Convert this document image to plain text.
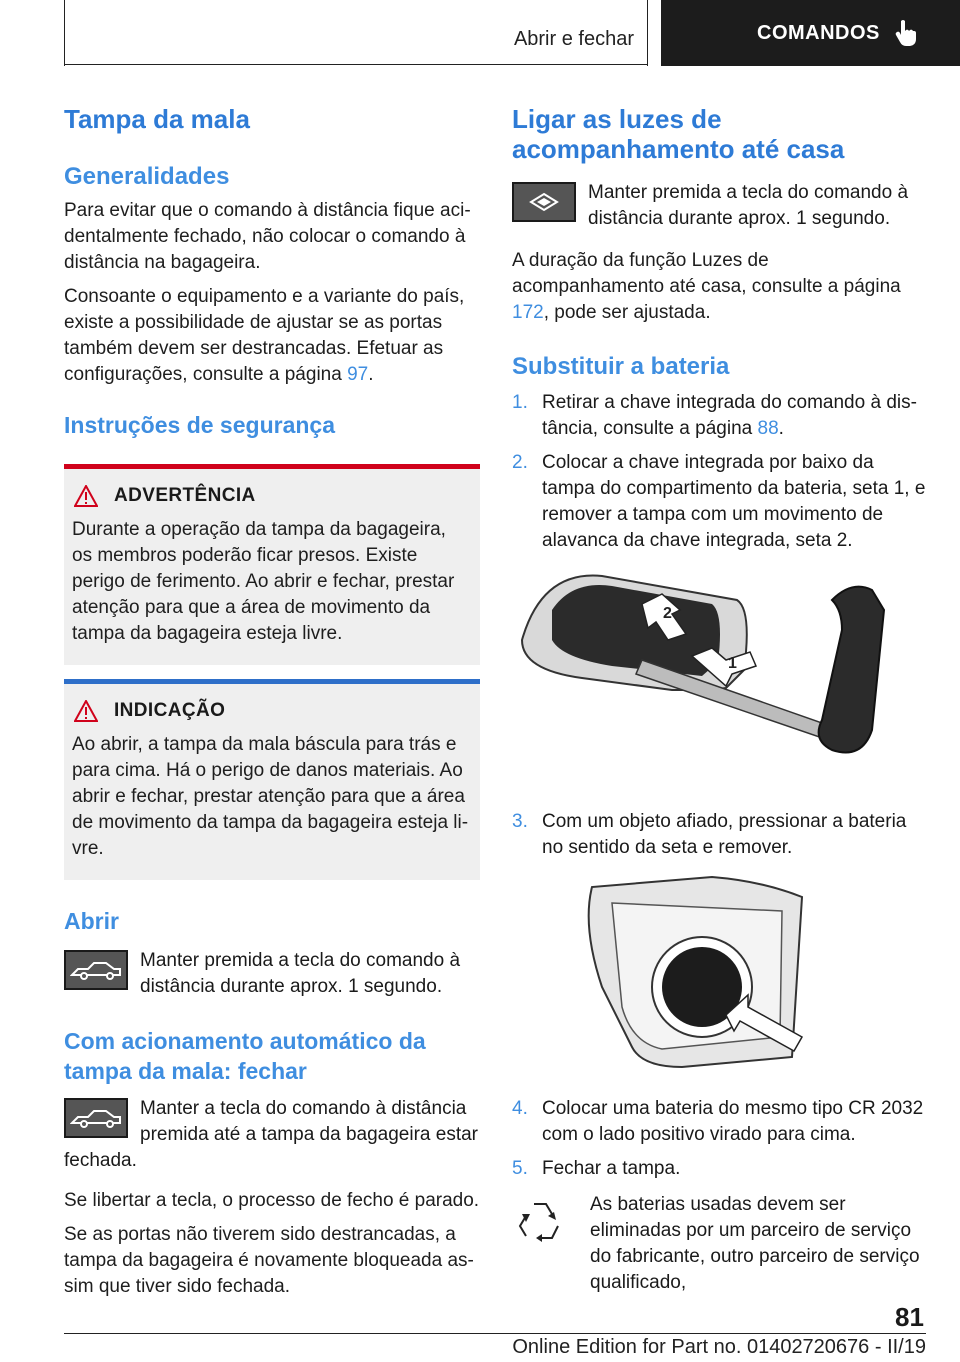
Abrir e fechar	COMANDOS
Tampa da mala
Generalidades

Para evitar que o comando à distância fique acidentalmente fechado, não colocar o comando à distância na bagageira.

Consoante o equipamento e a variante do país, existe a possibilidade de ajustar se as portas também devem ser destrancadas. Efetuar as configurações, consulte a página 97.

Instruções de segurança
ADVERTÊNCIA

Durante a operação da tampa da bagageira, os membros poderão ficar presos. Existe perigo de ferimento. Ao abrir e fechar, prestar atenção para que a área de movimento da tampa da bagageira esteja livre.

INDICAÇÃO

Ao abrir, a tampa da mala báscula para trás e para cima. Há o perigo de danos materiais. Ao abrir e fechar, prestar atenção para que a área de movimento da tampa da bagageira esteja livre.

Abrir
Manter premida a tecla do comando à distância durante aprox. 1 segundo.
Com acionamento automático da tampa da mala: fechar
Manter a tecla do comando à distância premida até a tampa da bagageira estar fechada.

Se libertar a tecla, o processo de fecho é parado.

Se as portas não tiverem sido destrancadas, a tampa da bagageira é novamente bloqueada assim que tiver sido fechada.

Ligar as luzes de acompanhamento até casa
Manter premida a tecla do comando à distância durante aprox. 1 segundo.

A duração da função Luzes de acompanhamento até casa, consulte a página 172, pode ser ajustada.

Substituir a bateria
1. Retirar a chave integrada do comando à distância, consulte a página 88.
2. Colocar a chave integrada por baixo da tampa do compartimento da bateria, seta 1, e remover a tampa com um movimento de alavanca da chave integrada, seta 2.
2
1
3. Com um objeto afiado, pressionar a bateria no sentido da seta e remover.
4. Colocar uma bateria do mesmo tipo CR 2032 com o lado positivo virado para cima.
5. Fechar a tampa.
As baterias usadas devem ser eliminadas por um parceiro de serviço do fabricante, outro parceiro de serviço qualificado,
81
Online Edition for Part no. 01402720676 - II/19
